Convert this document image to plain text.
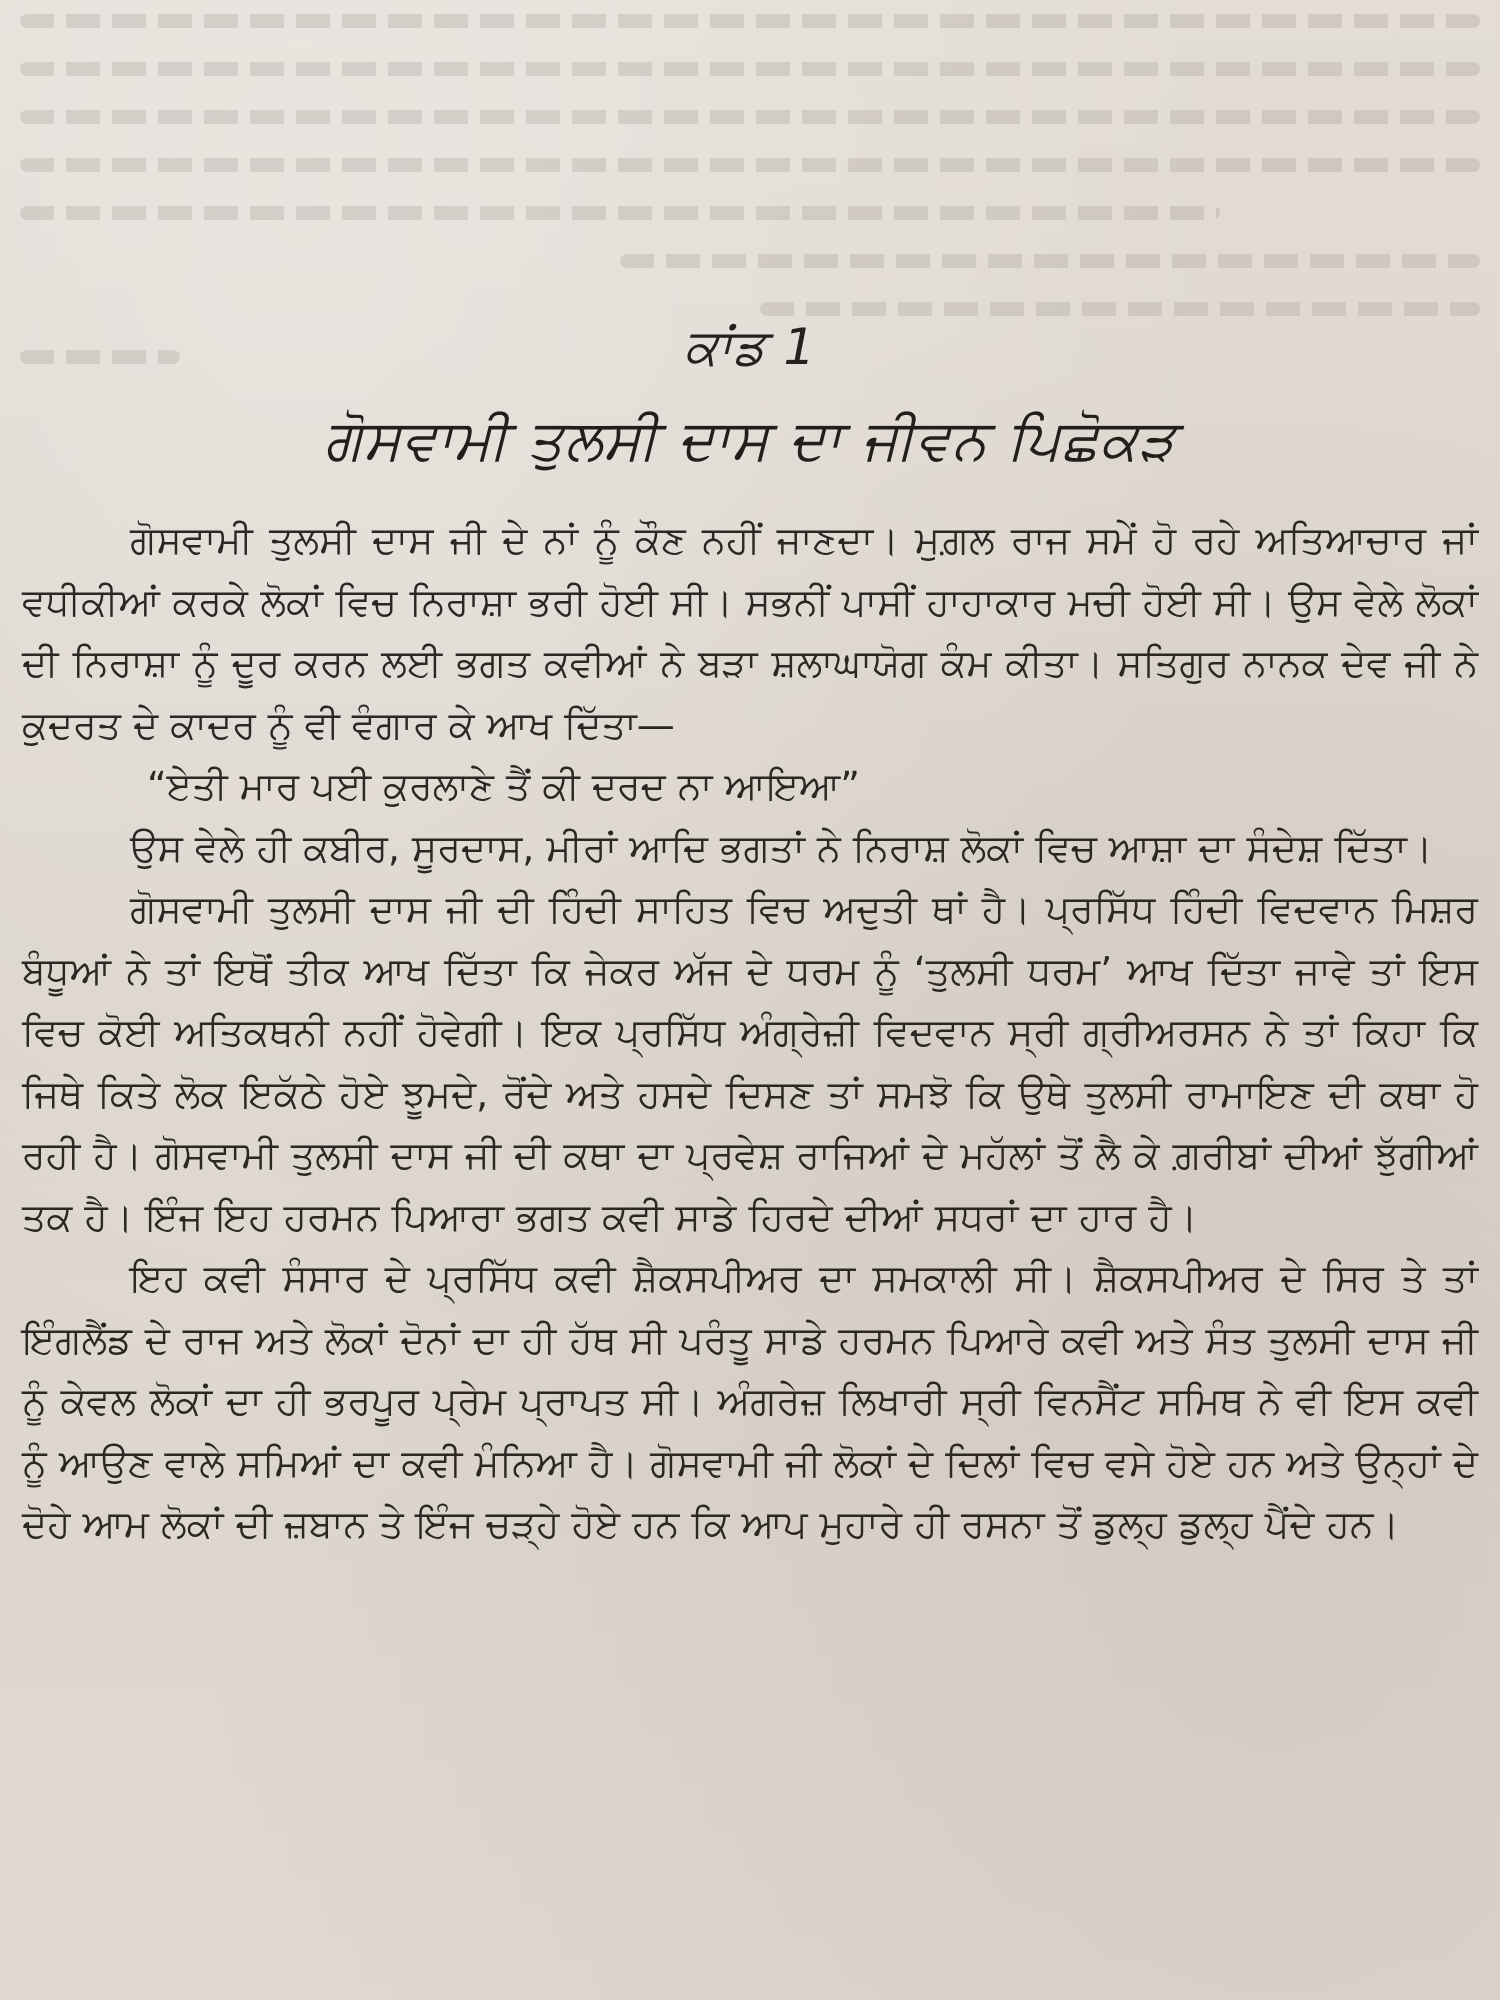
ਕਾਂਡ 1
ਗੋਸਵਾਮੀ ਤੁਲਸੀ ਦਾਸ ਦਾ ਜੀਵਨ ਪਿਛੋਕੜ

ਗੋਸਵਾਮੀ ਤੁਲਸੀ ਦਾਸ ਜੀ ਦੇ ਨਾਂ ਨੂੰ ਕੌਣ ਨਹੀਂ ਜਾਣਦਾ। ਮੁਗ਼ਲ ਰਾਜ ਸਮੇਂ ਹੋ ਰਹੇ ਅਤਿਆਚਾਰ ਜਾਂ ਵਧੀਕੀਆਂ ਕਰਕੇ ਲੋਕਾਂ ਵਿਚ ਨਿਰਾਸ਼ਾ ਭਰੀ ਹੋਈ ਸੀ। ਸਭਨੀਂ ਪਾਸੀਂ ਹਾਹਾਕਾਰ ਮਚੀ ਹੋਈ ਸੀ। ਉਸ ਵੇਲੇ ਲੋਕਾਂ ਦੀ ਨਿਰਾਸ਼ਾ ਨੂੰ ਦੂਰ ਕਰਨ ਲਈ ਭਗਤ ਕਵੀਆਂ ਨੇ ਬੜਾ ਸ਼ਲਾਘਾਯੋਗ ਕੰਮ ਕੀਤਾ। ਸਤਿਗੁਰ ਨਾਨਕ ਦੇਵ ਜੀ ਨੇ ਕੁਦਰਤ ਦੇ ਕਾਦਰ ਨੂੰ ਵੀ ਵੰਗਾਰ ਕੇ ਆਖ ਦਿੱਤਾ—

“ਏਤੀ ਮਾਰ ਪਈ ਕੁਰਲਾਣੇ ਤੈਂ ਕੀ ਦਰਦ ਨਾ ਆਇਆ”

ਉਸ ਵੇਲੇ ਹੀ ਕਬੀਰ, ਸੂਰਦਾਸ, ਮੀਰਾਂ ਆਦਿ ਭਗਤਾਂ ਨੇ ਨਿਰਾਸ਼ ਲੋਕਾਂ ਵਿਚ ਆਸ਼ਾ ਦਾ ਸੰਦੇਸ਼ ਦਿੱਤਾ।

ਗੋਸਵਾਮੀ ਤੁਲਸੀ ਦਾਸ ਜੀ ਦੀ ਹਿੰਦੀ ਸਾਹਿਤ ਵਿਚ ਅਦੁਤੀ ਥਾਂ ਹੈ। ਪ੍ਰਸਿੱਧ ਹਿੰਦੀ ਵਿਦਵਾਨ ਮਿਸ਼ਰ ਬੰਧੂਆਂ ਨੇ ਤਾਂ ਇਥੋਂ ਤੀਕ ਆਖ ਦਿੱਤਾ ਕਿ ਜੇਕਰ ਅੱਜ ਦੇ ਧਰਮ ਨੂੰ ‘ਤੁਲਸੀ ਧਰਮ’ ਆਖ ਦਿੱਤਾ ਜਾਵੇ ਤਾਂ ਇਸ ਵਿਚ ਕੋਈ ਅਤਿਕਥਨੀ ਨਹੀਂ ਹੋਵੇਗੀ। ਇਕ ਪ੍ਰਸਿੱਧ ਅੰਗ੍ਰੇਜ਼ੀ ਵਿਦਵਾਨ ਸ੍ਰੀ ਗ੍ਰੀਅਰਸਨ ਨੇ ਤਾਂ ਕਿਹਾ ਕਿ ਜਿਥੇ ਕਿਤੇ ਲੋਕ ਇਕੱਠੇ ਹੋਏ ਝੂਮਦੇ, ਰੋਂਦੇ ਅਤੇ ਹਸਦੇ ਦਿਸਣ ਤਾਂ ਸਮਝੋ ਕਿ ਉਥੇ ਤੁਲਸੀ ਰਾਮਾਇਣ ਦੀ ਕਥਾ ਹੋ ਰਹੀ ਹੈ। ਗੋਸਵਾਮੀ ਤੁਲਸੀ ਦਾਸ ਜੀ ਦੀ ਕਥਾ ਦਾ ਪ੍ਰਵੇਸ਼ ਰਾਜਿਆਂ ਦੇ ਮਹੱਲਾਂ ਤੋਂ ਲੈ ਕੇ ਗ਼ਰੀਬਾਂ ਦੀਆਂ ਝੁੱਗੀਆਂ ਤਕ ਹੈ। ਇੰਜ ਇਹ ਹਰਮਨ ਪਿਆਰਾ ਭਗਤ ਕਵੀ ਸਾਡੇ ਹਿਰਦੇ ਦੀਆਂ ਸਧਰਾਂ ਦਾ ਹਾਰ ਹੈ।

ਇਹ ਕਵੀ ਸੰਸਾਰ ਦੇ ਪ੍ਰਸਿੱਧ ਕਵੀ ਸ਼ੈਕਸਪੀਅਰ ਦਾ ਸਮਕਾਲੀ ਸੀ। ਸ਼ੈਕਸਪੀਅਰ ਦੇ ਸਿਰ ਤੇ ਤਾਂ ਇੰਗਲੈਂਡ ਦੇ ਰਾਜ ਅਤੇ ਲੋਕਾਂ ਦੋਨਾਂ ਦਾ ਹੀ ਹੱਥ ਸੀ ਪਰੰਤੂ ਸਾਡੇ ਹਰਮਨ ਪਿਆਰੇ ਕਵੀ ਅਤੇ ਸੰਤ ਤੁਲਸੀ ਦਾਸ ਜੀ ਨੂੰ ਕੇਵਲ ਲੋਕਾਂ ਦਾ ਹੀ ਭਰਪੂਰ ਪ੍ਰੇਮ ਪ੍ਰਾਪਤ ਸੀ। ਅੰਗਰੇਜ਼ ਲਿਖਾਰੀ ਸ੍ਰੀ ਵਿਨਸੈਂਟ ਸਮਿਥ ਨੇ ਵੀ ਇਸ ਕਵੀ ਨੂੰ ਆਉਣ ਵਾਲੇ ਸਮਿਆਂ ਦਾ ਕਵੀ ਮੰਨਿਆ ਹੈ। ਗੋਸਵਾਮੀ ਜੀ ਲੋਕਾਂ ਦੇ ਦਿਲਾਂ ਵਿਚ ਵਸੇ ਹੋਏ ਹਨ ਅਤੇ ਉਨ੍ਹਾਂ ਦੇ ਦੋਹੇ ਆਮ ਲੋਕਾਂ ਦੀ ਜ਼ਬਾਨ ਤੇ ਇੰਜ ਚੜ੍ਹੇ ਹੋਏ ਹਨ ਕਿ ਆਪ ਮੁਹਾਰੇ ਹੀ ਰਸਨਾ ਤੋਂ ਡੁਲ੍ਹ ਡੁਲ੍ਹ ਪੈਂਦੇ ਹਨ।
